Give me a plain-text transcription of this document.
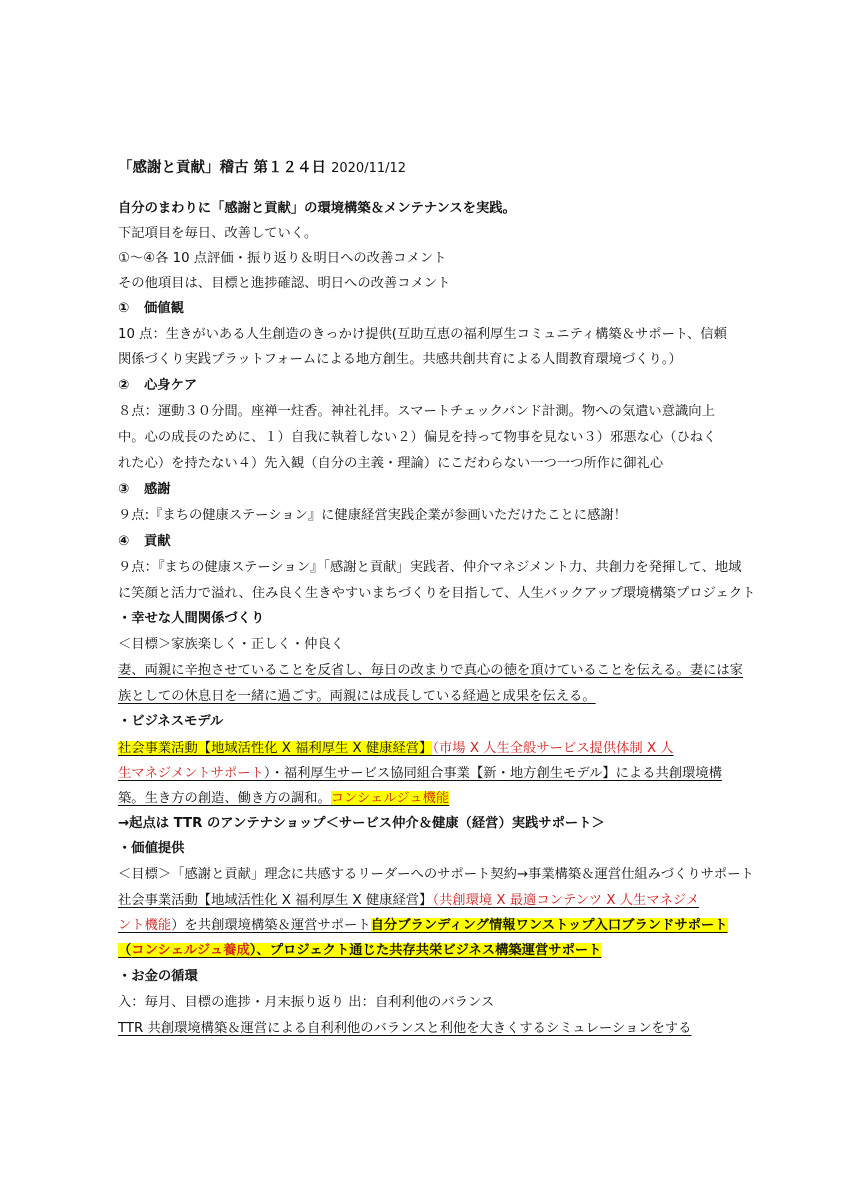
「感謝と貢献」稽古 第１２４日 2020/11/12
自分のまわりに「感謝と貢献」の環境構築＆メンテナンスを実践。
下記項目を毎日、改善していく。
①～④各 10 点評価・振り返り＆明日への改善コメント
その他項目は、目標と進捗確認、明日への改善コメント
① 価値観
10 点：生きがいある人生創造のきっかけ提供(互助互恵の福利厚生コミュニティ構築＆サポート、信頼
関係づくり実践プラットフォームによる地方創生。共感共創共育による人間教育環境づくり。）
② 心身ケア
８点：運動３０分間。座禅一炷香。神社礼拝。スマートチェックバンド計測。物への気遣い意識向上
中。心の成長のために、１）自我に執着しない２）偏見を持って物事を見ない３）邪悪な心（ひねく
れた心）を持たない４）先入観（自分の主義・理論）にこだわらない一つ一つ所作に御礼心
③ 感謝
９点:『まちの健康ステーション』に健康経営実践企業が参画いただけたことに感謝！
④ 貢献
９点：『まちの健康ステーション』「感謝と貢献」実践者、仲介マネジメント力、共創力を発揮して、地域
に笑顔と活力で溢れ、住み良く生きやすいまちづくりを目指して、人生バックアップ環境構築プロジェクト
・幸せな人間関係づくり
＜目標＞家族楽しく・正しく・仲良く
妻、両親に辛抱させていることを反省し、毎日の改まりで真心の徳を頂けていることを伝える。妻には家
族としての休息日を一緒に過ごす。両親には成長している経過と成果を伝える。
・ビジネスモデル
社会事業活動【地域活性化 X 福利厚生 X 健康経営】（市場 X 人生全般サービス提供体制 X 人
生マネジメントサポート）・福利厚生サービス協同組合事業【新・地方創生モデル】による共創環境構
築。生き方の創造、働き方の調和。コンシェルジュ機能
→起点は TTR のアンテナショップ＜サービス仲介＆健康（経営）実践サポート＞
・価値提供
＜目標＞「感謝と貢献」理念に共感するリーダーへのサポート契約→事業構築＆運営仕組みづくりサポート
社会事業活動【地域活性化 X 福利厚生 X 健康経営】（共創環境 X 最適コンテンツ X 人生マネジメ
ント機能）を共創環境構築＆運営サポート自分ブランディング情報ワンストップ入口ブランドサポート
（コンシェルジュ養成）、プロジェクト通じた共存共栄ビジネス構築運営サポート
・お金の循環
入：毎月、目標の進捗・月末振り返り 出：自利利他のバランス
TTR 共創環境構築＆運営による自利利他のバランスと利他を大きくするシミュレーションをする
